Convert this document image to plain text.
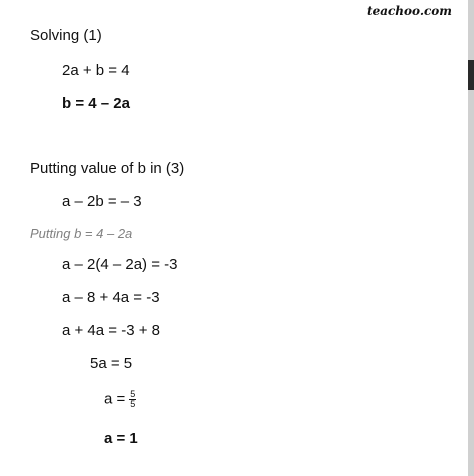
teachoo.com
Solving (1)
2a + b = 4
b = 4 – 2a
Putting value of b in (3)
a – 2b = – 3
Putting b = 4 – 2a
a – 2(4 – 2a) = -3
a – 8 + 4a = -3
a + 4a = -3 + 8
5a = 5
$a = \frac{5}{5}$
a = 1
